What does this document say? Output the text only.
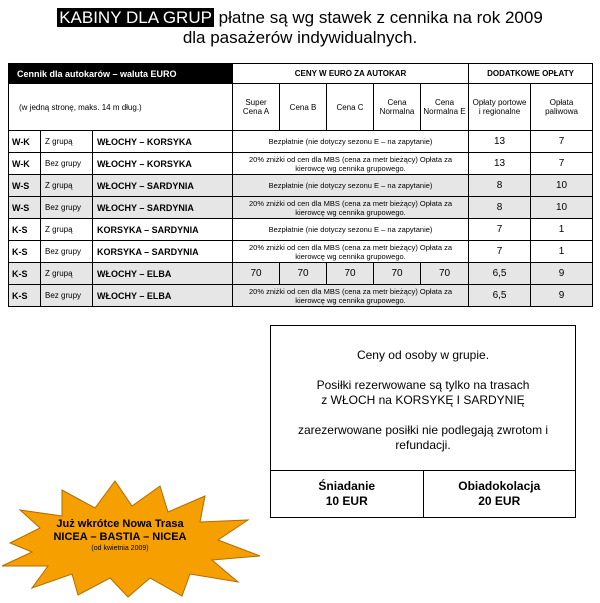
KABINY DLA GRUP płatne są wg stawek z cennika na rok 2009
dla pasażerów indywidualnych.
Cennik dla autokarów – waluta EURO			CENY W EURO ZA AUTOKAR					DODATKOWE OPŁATY	
(w jedną stronę, maks. 14 m dług.)			Super Cena A	Cena B	Cena C	Cena Normalna	Cena Normalna E	Opłaty portowe i regionalne	Opłata paliwowa
W-K	Z grupą	WŁOCHY – KORSYKA	Bezpłatnie (nie dotyczy sezonu E – na zapytanie)					13	7
W-K	Bez grupy	WŁOCHY – KORSYKA	20% zniżki od cen dla MBS (cena za metr bieżący) Opłata za kierowcę wg cennika grupowego.					13	7
W-S	Z grupą	WŁOCHY – SARDYNIA	Bezpłatnie (nie dotyczy sezonu E – na zapytanie)					8	10
W-S	Bez grupy	WŁOCHY – SARDYNIA	20% zniżki od cen dla MBS (cena za metr bieżący) Opłata za kierowcę wg cennika grupowego.					8	10
K-S	Z grupą	KORSYKA – SARDYNIA	Bezpłatnie (nie dotyczy sezonu E – na zapytanie)					7	1
K-S	Bez grupy	KORSYKA – SARDYNIA	20% zniżki od cen dla MBS (cena za metr bieżący) Opłata za kierowcę wg cennika grupowego.					7	1
K-S	Z grupą	WŁOCHY – ELBA	70	70	70	70	70	6,5	9
K-S	Bez grupy	WŁOCHY – ELBA	20% zniżki od cen dla MBS (cena za metr bieżący) Opłata za kierowcę wg cennika grupowego.					6,5	9

Ceny od osoby w grupie.

Posiłki rezerwowane są tylko na trasach

z WŁOCH na KORSYKĘ I SARDYNIĘ

zarezerwowane posiłki nie podlegają zwrotom i refundacji.

Śniadanie
10 EUR
Obiadokolacja
20 EUR
Już wkrótce Nowa Trasa
NICEA – BASTIA – NICEA
(od kwietnia 2009)
